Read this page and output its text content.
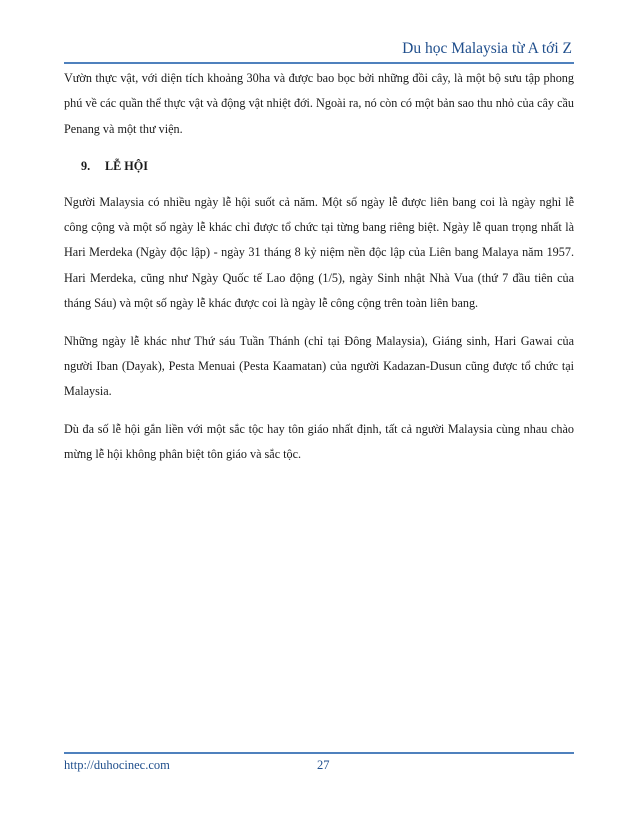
Du học Malaysia từ A tới Z

Vườn thực vật, với diện tích khoảng 30ha và được bao bọc bởi những đồi cây, là một bộ sưu tập phong phú về các quần thể thực vật và động vật nhiệt đới. Ngoài ra, nó còn có một bản sao thu nhỏ của cây cầu Penang và một thư viện.

9. LỄ HỘI

Người Malaysia có nhiều ngày lễ hội suốt cả năm. Một số ngày lễ được liên bang coi là ngày nghỉ lễ công cộng và một số ngày lễ khác chỉ được tổ chức tại từng bang riêng biệt. Ngày lễ quan trọng nhất là Hari Merdeka (Ngày độc lập) - ngày 31 tháng 8 kỷ niệm nền độc lập của Liên bang Malaya năm 1957. Hari Merdeka, cũng như Ngày Quốc tế Lao động (1/5), ngày Sinh nhật Nhà Vua (thứ 7 đầu tiên của tháng Sáu) và một số ngày lễ khác được coi là ngày lễ công cộng trên toàn liên bang.

Những ngày lễ khác như Thứ sáu Tuần Thánh (chỉ tại Đông Malaysia), Giáng sinh, Hari Gawai của người Iban (Dayak), Pesta Menuai (Pesta Kaamatan) của người Kadazan-Dusun cũng được tổ chức tại Malaysia.

Dù đa số lễ hội gắn liền với một sắc tộc hay tôn giáo nhất định, tất cả người Malaysia cùng nhau chào mừng lễ hội không phân biệt tôn giáo và sắc tộc.

http://duhocinec.com	27
